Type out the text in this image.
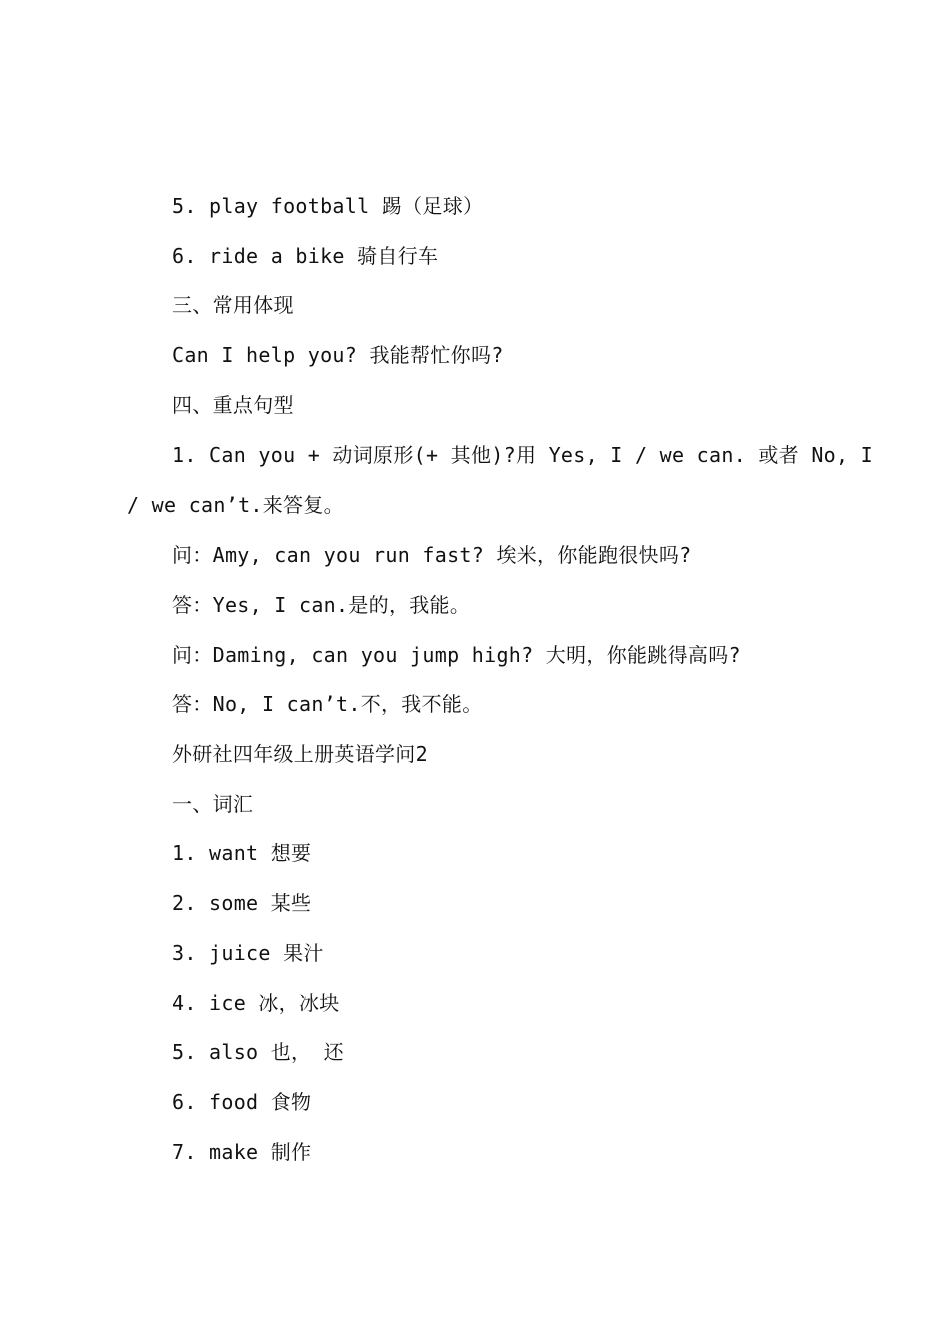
5. play football 踢（足球）
6. ride a bike 骑自行车
三、常用体现
Can I help you? 我能帮忙你吗?
四、重点句型
1. Can you + 动词原形(+ 其他)?用 Yes, I / we can. 或者 No, I
/ we can’t.来答复。
问：Amy, can you run fast? 埃米，你能跑很快吗?
答：Yes, I can.是的，我能。
问：Daming, can you jump high? 大明，你能跳得高吗?
答：No, I can’t.不，我不能。
外研社四年级上册英语学问2
一、词汇
1. want 想要
2. some 某些
3. juice 果汁
4. ice 冰，冰块
5. also 也， 还
6. food 食物
7. make 制作
